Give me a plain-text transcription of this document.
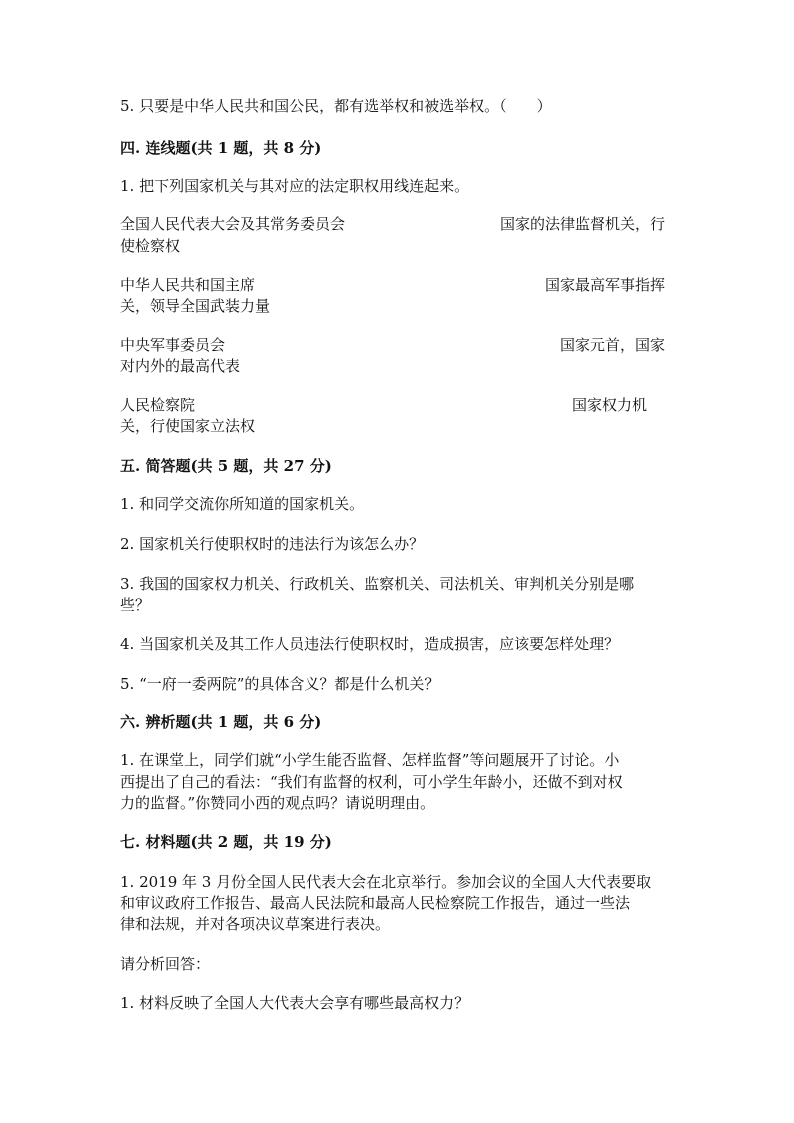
5. 只要是中华人民共和国公民，都有选举权和被选举权。（　　）
四. 连线题(共 1 题，共 8 分)
1. 把下列国家机关与其对应的法定职权用线连起来。
全国人民代表大会及其常务委员会	国家的法律监督机关，行
使检察权
中华人民共和国主席	国家最高军事指挥
关，领导全国武装力量
中央军事委员会	国家元首，国家
对内外的最高代表
人民检察院	国家权力机
关，行使国家立法权
五. 简答题(共 5 题，共 27 分)
1. 和同学交流你所知道的国家机关。
2. 国家机关行使职权时的违法行为该怎么办？
3. 我国的国家权力机关、行政机关、监察机关、司法机关、审判机关分别是哪
些？
4. 当国家机关及其工作人员违法行使职权时，造成损害，应该要怎样处理？
5. “一府一委两院”的具体含义？都是什么机关？
六. 辨析题(共 1 题，共 6 分)
1. 在课堂上，同学们就“小学生能否监督、怎样监督”等问题展开了讨论。小
西提出了自己的看法：“我们有监督的权利，可小学生年龄小，还做不到对权
力的监督。”你赞同小西的观点吗？请说明理由。
七. 材料题(共 2 题，共 19 分)
1. 2019 年 3 月份全国人民代表大会在北京举行。参加会议的全国人大代表要取
和审议政府工作报告、最高人民法院和最高人民检察院工作报告，通过一些法
律和法规，并对各项决议草案进行表决。
请分析回答：
1. 材料反映了全国人大代表大会享有哪些最高权力？
